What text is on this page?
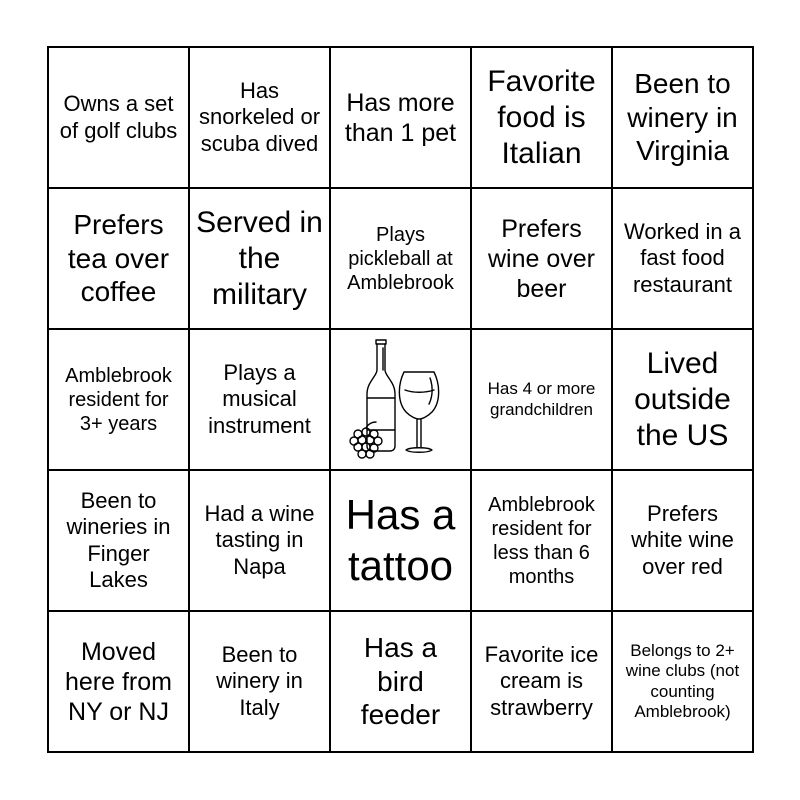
Owns a set of golf clubs
Has snorkeled or scuba dived
Has more than 1 pet
Favorite food is Italian
Been to winery in Virginia
Prefers tea over coffee
Served in the military
Plays pickleball at Amblebrook
Prefers wine over beer
Worked in a fast food restaurant
Amblebrook resident for 3+ years
Plays a musical instrument
Has 4 or more grandchildren
Lived outside the US
Been to wineries in Finger Lakes
Had a wine tasting in Napa
Has a tattoo
Amblebrook resident for less than 6 months
Prefers white wine over red
Moved here from NY or NJ
Been to winery in Italy
Has a bird feeder
Favorite ice cream is strawberry
Belongs to 2+ wine clubs (not counting Amblebrook)
